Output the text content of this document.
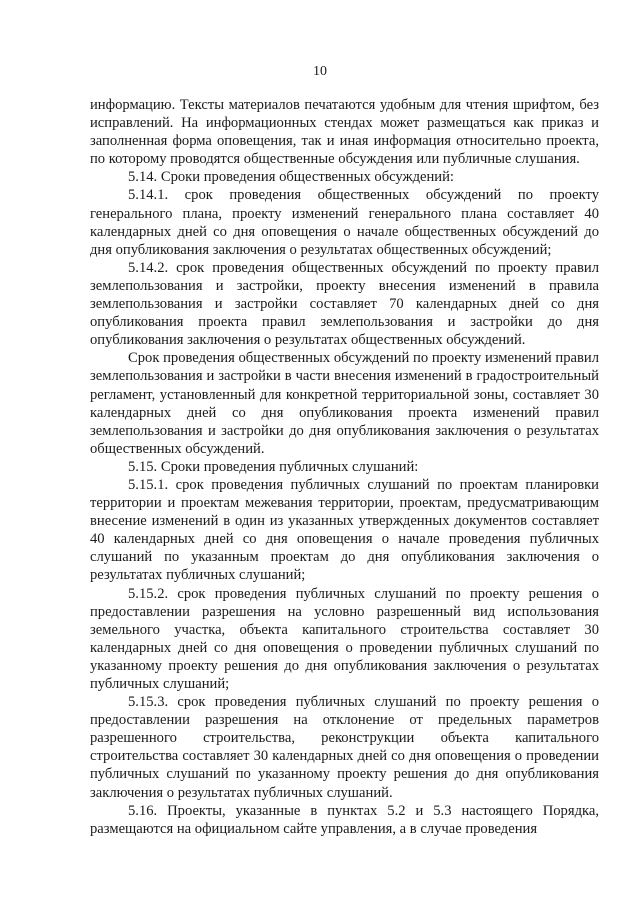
10

информацию. Тексты материалов печатаются удобным для чтения шрифтом, без исправлений. На информационных стендах может размещаться как приказ и заполненная форма оповещения, так и иная информация относительно проекта, по которому проводятся общественные обсуждения или публичные слушания.

5.14. Сроки проведения общественных обсуждений:

5.14.1. срок проведения общественных обсуждений по проекту генерального плана, проекту изменений генерального плана составляет 40 календарных дней со дня оповещения о начале общественных обсуждений до дня опубликования заключения о результатах общественных обсуждений;

5.14.2. срок проведения общественных обсуждений по проекту правил землепользования и застройки, проекту внесения изменений в правила землепользования и застройки составляет 70 календарных дней со дня опубликования проекта правил землепользования и застройки до дня опубликования заключения о результатах общественных обсуждений.

Срок проведения общественных обсуждений по проекту изменений правил землепользования и застройки в части внесения изменений в градостроительный регламент, установленный для конкретной территориальной зоны, составляет 30 календарных дней со дня опубликования проекта изменений правил землепользования и застройки до дня опубликования заключения о результатах общественных обсуждений.

5.15. Сроки проведения публичных слушаний:

5.15.1. срок проведения публичных слушаний по проектам планировки территории и проектам межевания территории, проектам, предусматривающим внесение изменений в один из указанных утвержденных документов составляет 40 календарных дней со дня оповещения о начале проведения публичных слушаний по указанным проектам до дня опубликования заключения о результатах публичных слушаний;

5.15.2. срок проведения публичных слушаний по проекту решения о предоставлении разрешения на условно разрешенный вид использования земельного участка, объекта капитального строительства составляет 30 календарных дней со дня оповещения о проведении публичных слушаний по указанному проекту решения до дня опубликования заключения о результатах публичных слушаний;

5.15.3. срок проведения публичных слушаний по проекту решения о предоставлении разрешения на отклонение от предельных параметров разрешенного строительства, реконструкции объекта капитального строительства составляет 30 календарных дней со дня оповещения о проведении публичных слушаний по указанному проекту решения до дня опубликования заключения о результатах публичных слушаний.

5.16. Проекты, указанные в пунктах 5.2 и 5.3 настоящего Порядка, размещаются на официальном сайте управления, а в случае проведения
